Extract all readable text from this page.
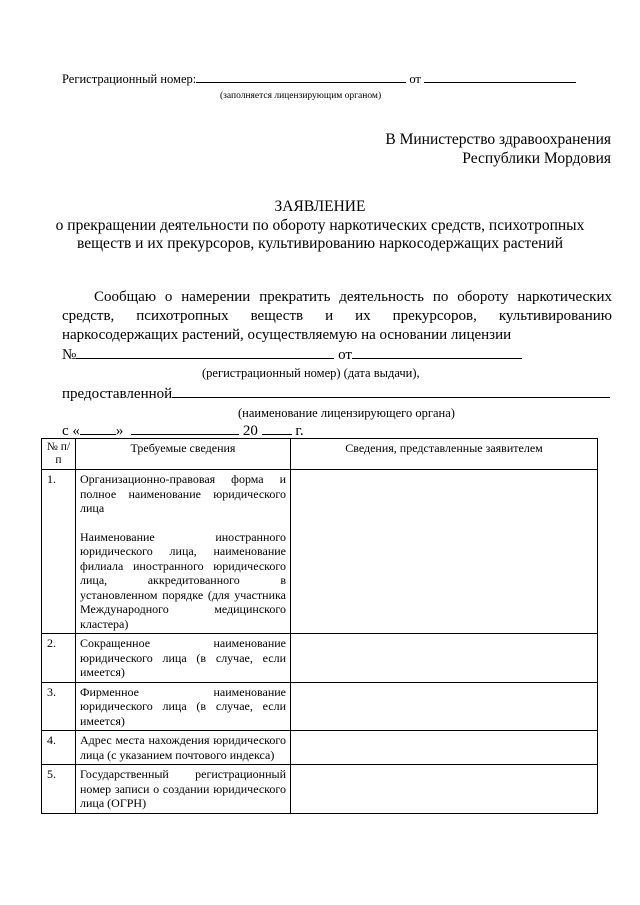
Регистрационный номер:	от
(заполняется лицензирующим органом)
В Министерство здравоохранения
Республики Мордовия
ЗАЯВЛЕНИЕ
о прекращении деятельности по обороту наркотических средств, психотропных
веществ и их прекурсоров, культивированию наркосодержащих растений
Сообщаю о намерении прекратить деятельность по обороту наркотических средств, психотропных веществ и их прекурсоров, культивированию наркосодержащих растений, осуществляемую на основании лицензии
№	от
(регистрационный номер) (дата выдачи),
предоставленной
(наименование лицензирующего органа)
с « »	20	г.
№ п/п	Требуемые сведения	Сведения, представленные заявителем
1.	Организационно-правовая форма и полное наименование юридического лица

Наименование иностранного юридического лица, наименование филиала иностранного юридического лица, аккредитованного в установленном порядке (для участника Международного медицинского кластера)	

2.	Сокращенное наименование юридического лица (в случае, если имеется)	
3.	Фирменное наименование юридического лица (в случае, если имеется)	
4.	Адрес места нахождения юридического лица (с указанием почтового индекса)	
5.	Государственный регистрационный номер записи о создании юридического лица (ОГРН)	
